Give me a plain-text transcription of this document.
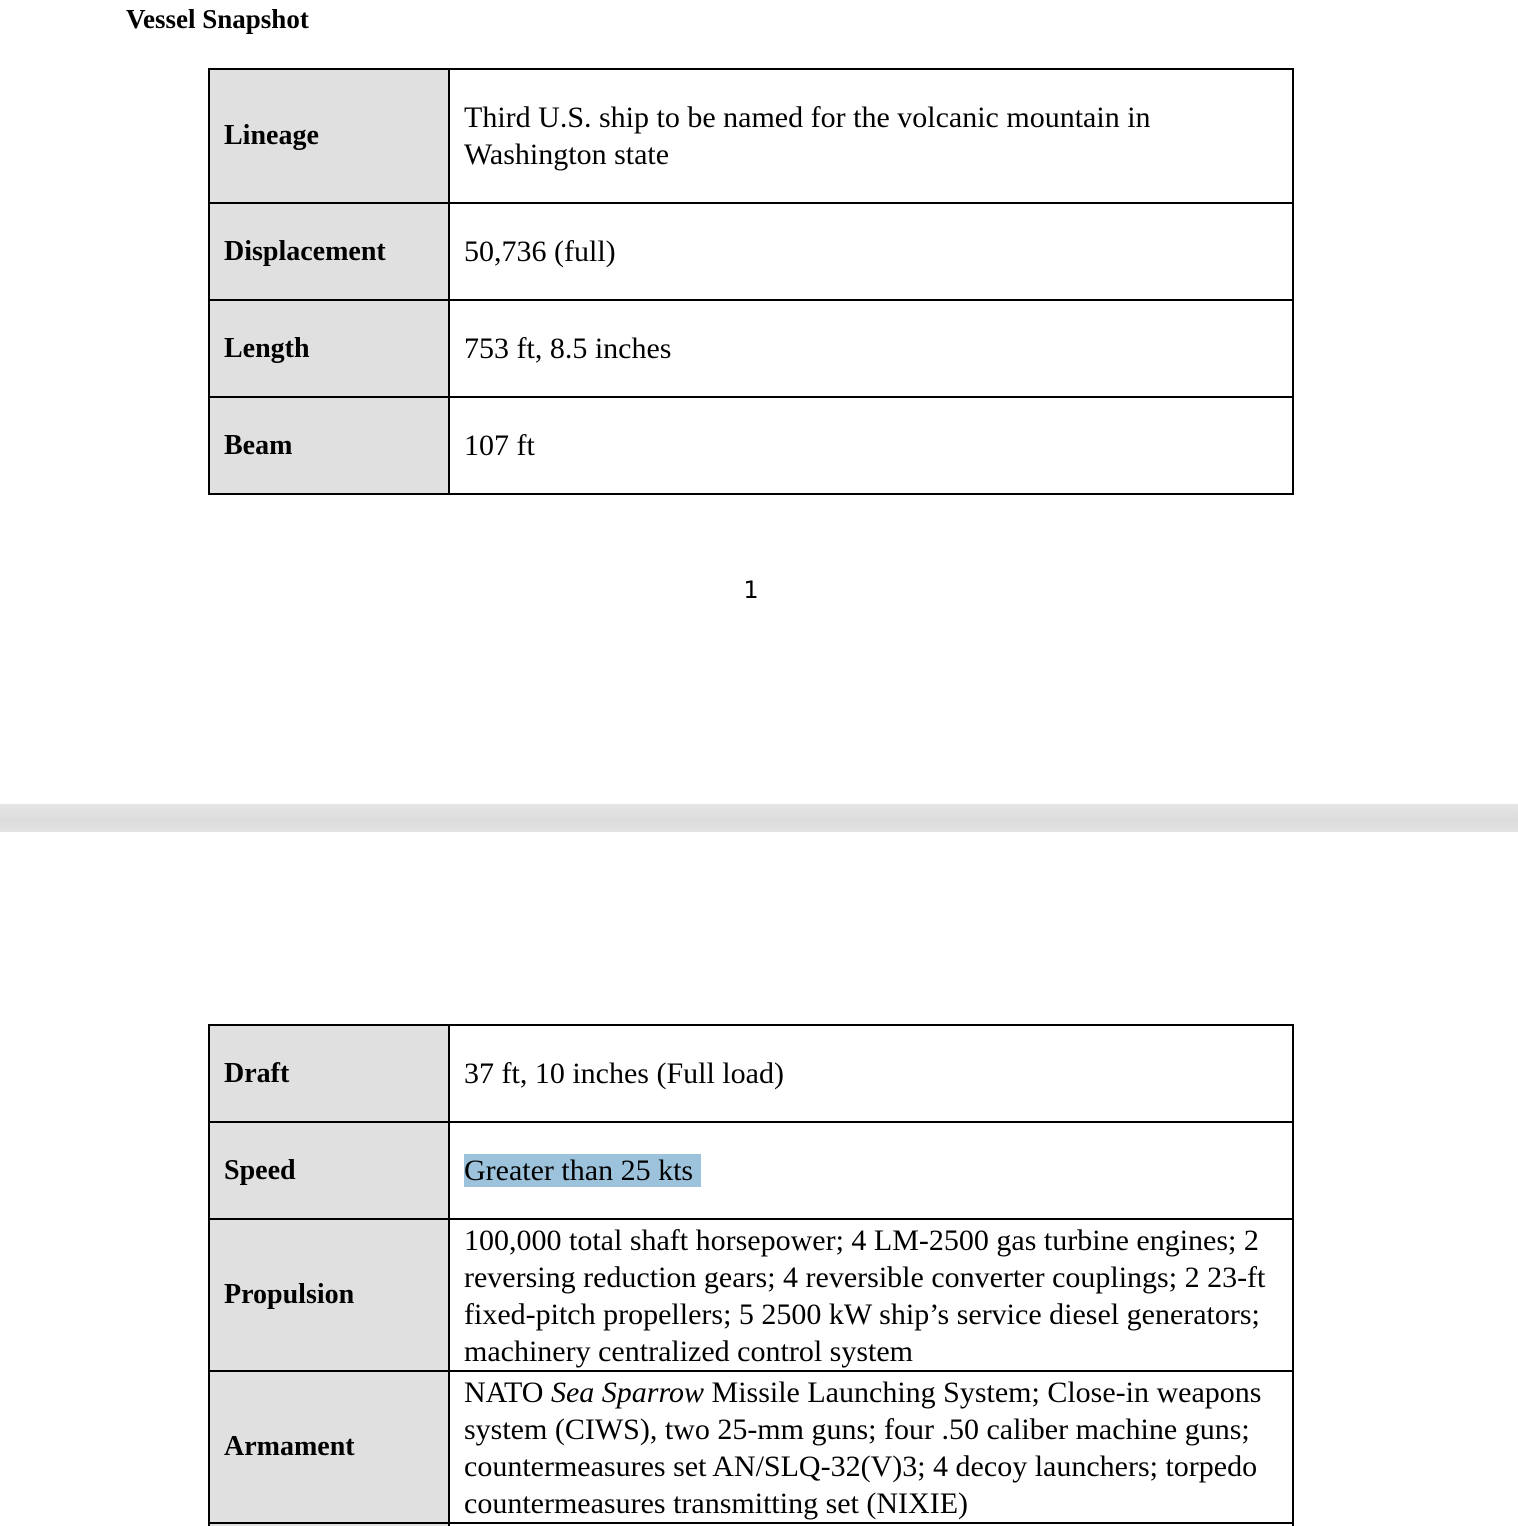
Vessel Snapshot
Lineage	Third U.S. ship to be named for the volcanic mountain in Washington state
Displacement	50,736 (full)
Length	753 ft, 8.5 inches
Beam	107 ft
1
Draft	37 ft, 10 inches (Full load)
Speed	Greater than 25 kts
Propulsion	100,000 total shaft horsepower; 4 LM-2500 gas turbine engines; 2 reversing reduction gears; 4 reversible converter couplings; 2 23-ft fixed-pitch propellers; 5 2500 kW ship’s service diesel generators; machinery centralized control system
Armament	NATO Sea Sparrow Missile Launching System; Close-in weapons system (CIWS), two 25-mm guns; four .50 caliber machine guns; countermeasures set AN/SLQ-32(V)3; 4 decoy launchers; torpedo countermeasures transmitting set (NIXIE)
